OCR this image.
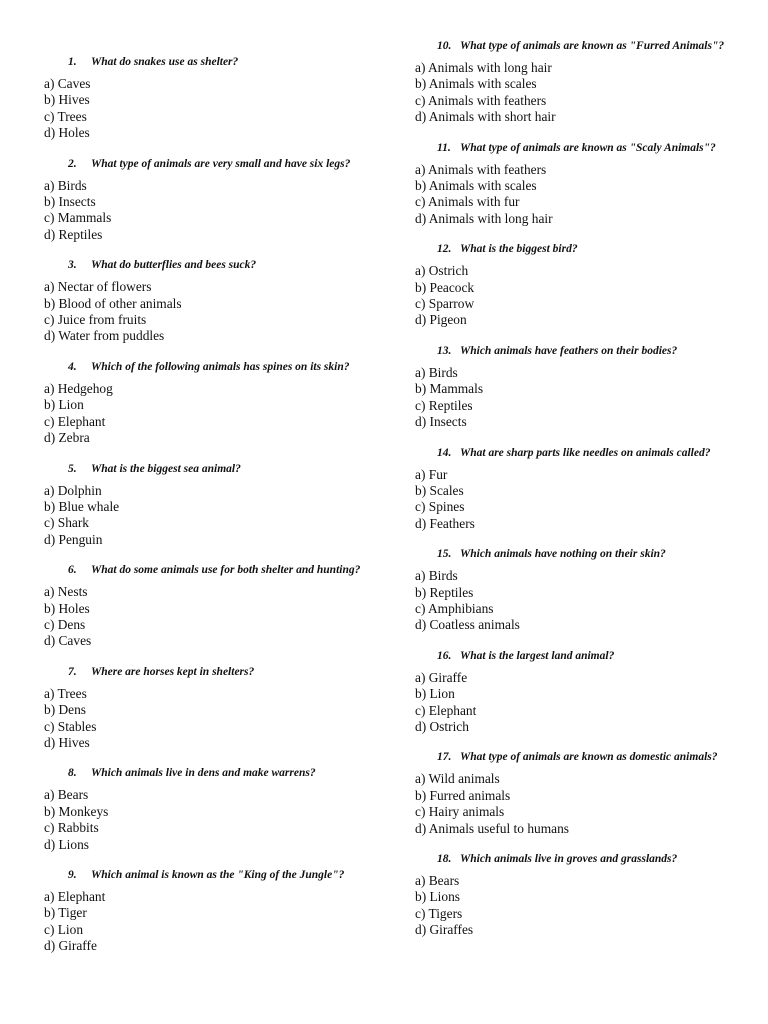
1.	What do snakes use as shelter?
a) Caves
b) Hives
c) Trees
d) Holes
2.	What type of animals are very small and have six legs?
a) Birds
b) Insects
c) Mammals
d) Reptiles
3.	What do butterflies and bees suck?
a) Nectar of flowers
b) Blood of other animals
c) Juice from fruits
d) Water from puddles
4.	Which of the following animals has spines on its skin?
a) Hedgehog
b) Lion
c) Elephant
d) Zebra
5.	What is the biggest sea animal?
a) Dolphin
b) Blue whale
c) Shark
d) Penguin
6.	What do some animals use for both shelter and hunting?
a) Nests
b) Holes
c) Dens
d) Caves
7.	Where are horses kept in shelters?
a) Trees
b) Dens
c) Stables
d) Hives
8.	Which animals live in dens and make warrens?
a) Bears
b) Monkeys
c) Rabbits
d) Lions
9.	Which animal is known as the "King of the Jungle"?
a) Elephant
b) Tiger
c) Lion
d) Giraffe
10. What type of animals are known as "Furred Animals"?
a) Animals with long hair
b) Animals with scales
c) Animals with feathers
d) Animals with short hair
11. What type of animals are known as "Scaly Animals"?
a) Animals with feathers
b) Animals with scales
c) Animals with fur
d) Animals with long hair
12. What is the biggest bird?
a) Ostrich
b) Peacock
c) Sparrow
d) Pigeon
13. Which animals have feathers on their bodies?
a) Birds
b) Mammals
c) Reptiles
d) Insects
14. What are sharp parts like needles on animals called?
a) Fur
b) Scales
c) Spines
d) Feathers
15. Which animals have nothing on their skin?
a) Birds
b) Reptiles
c) Amphibians
d) Coatless animals
16. What is the largest land animal?
a) Giraffe
b) Lion
c) Elephant
d) Ostrich
17. What type of animals are known as domestic animals?
a) Wild animals
b) Furred animals
c) Hairy animals
d) Animals useful to humans
18. Which animals live in groves and grasslands?
a) Bears
b) Lions
c) Tigers
d) Giraffes
